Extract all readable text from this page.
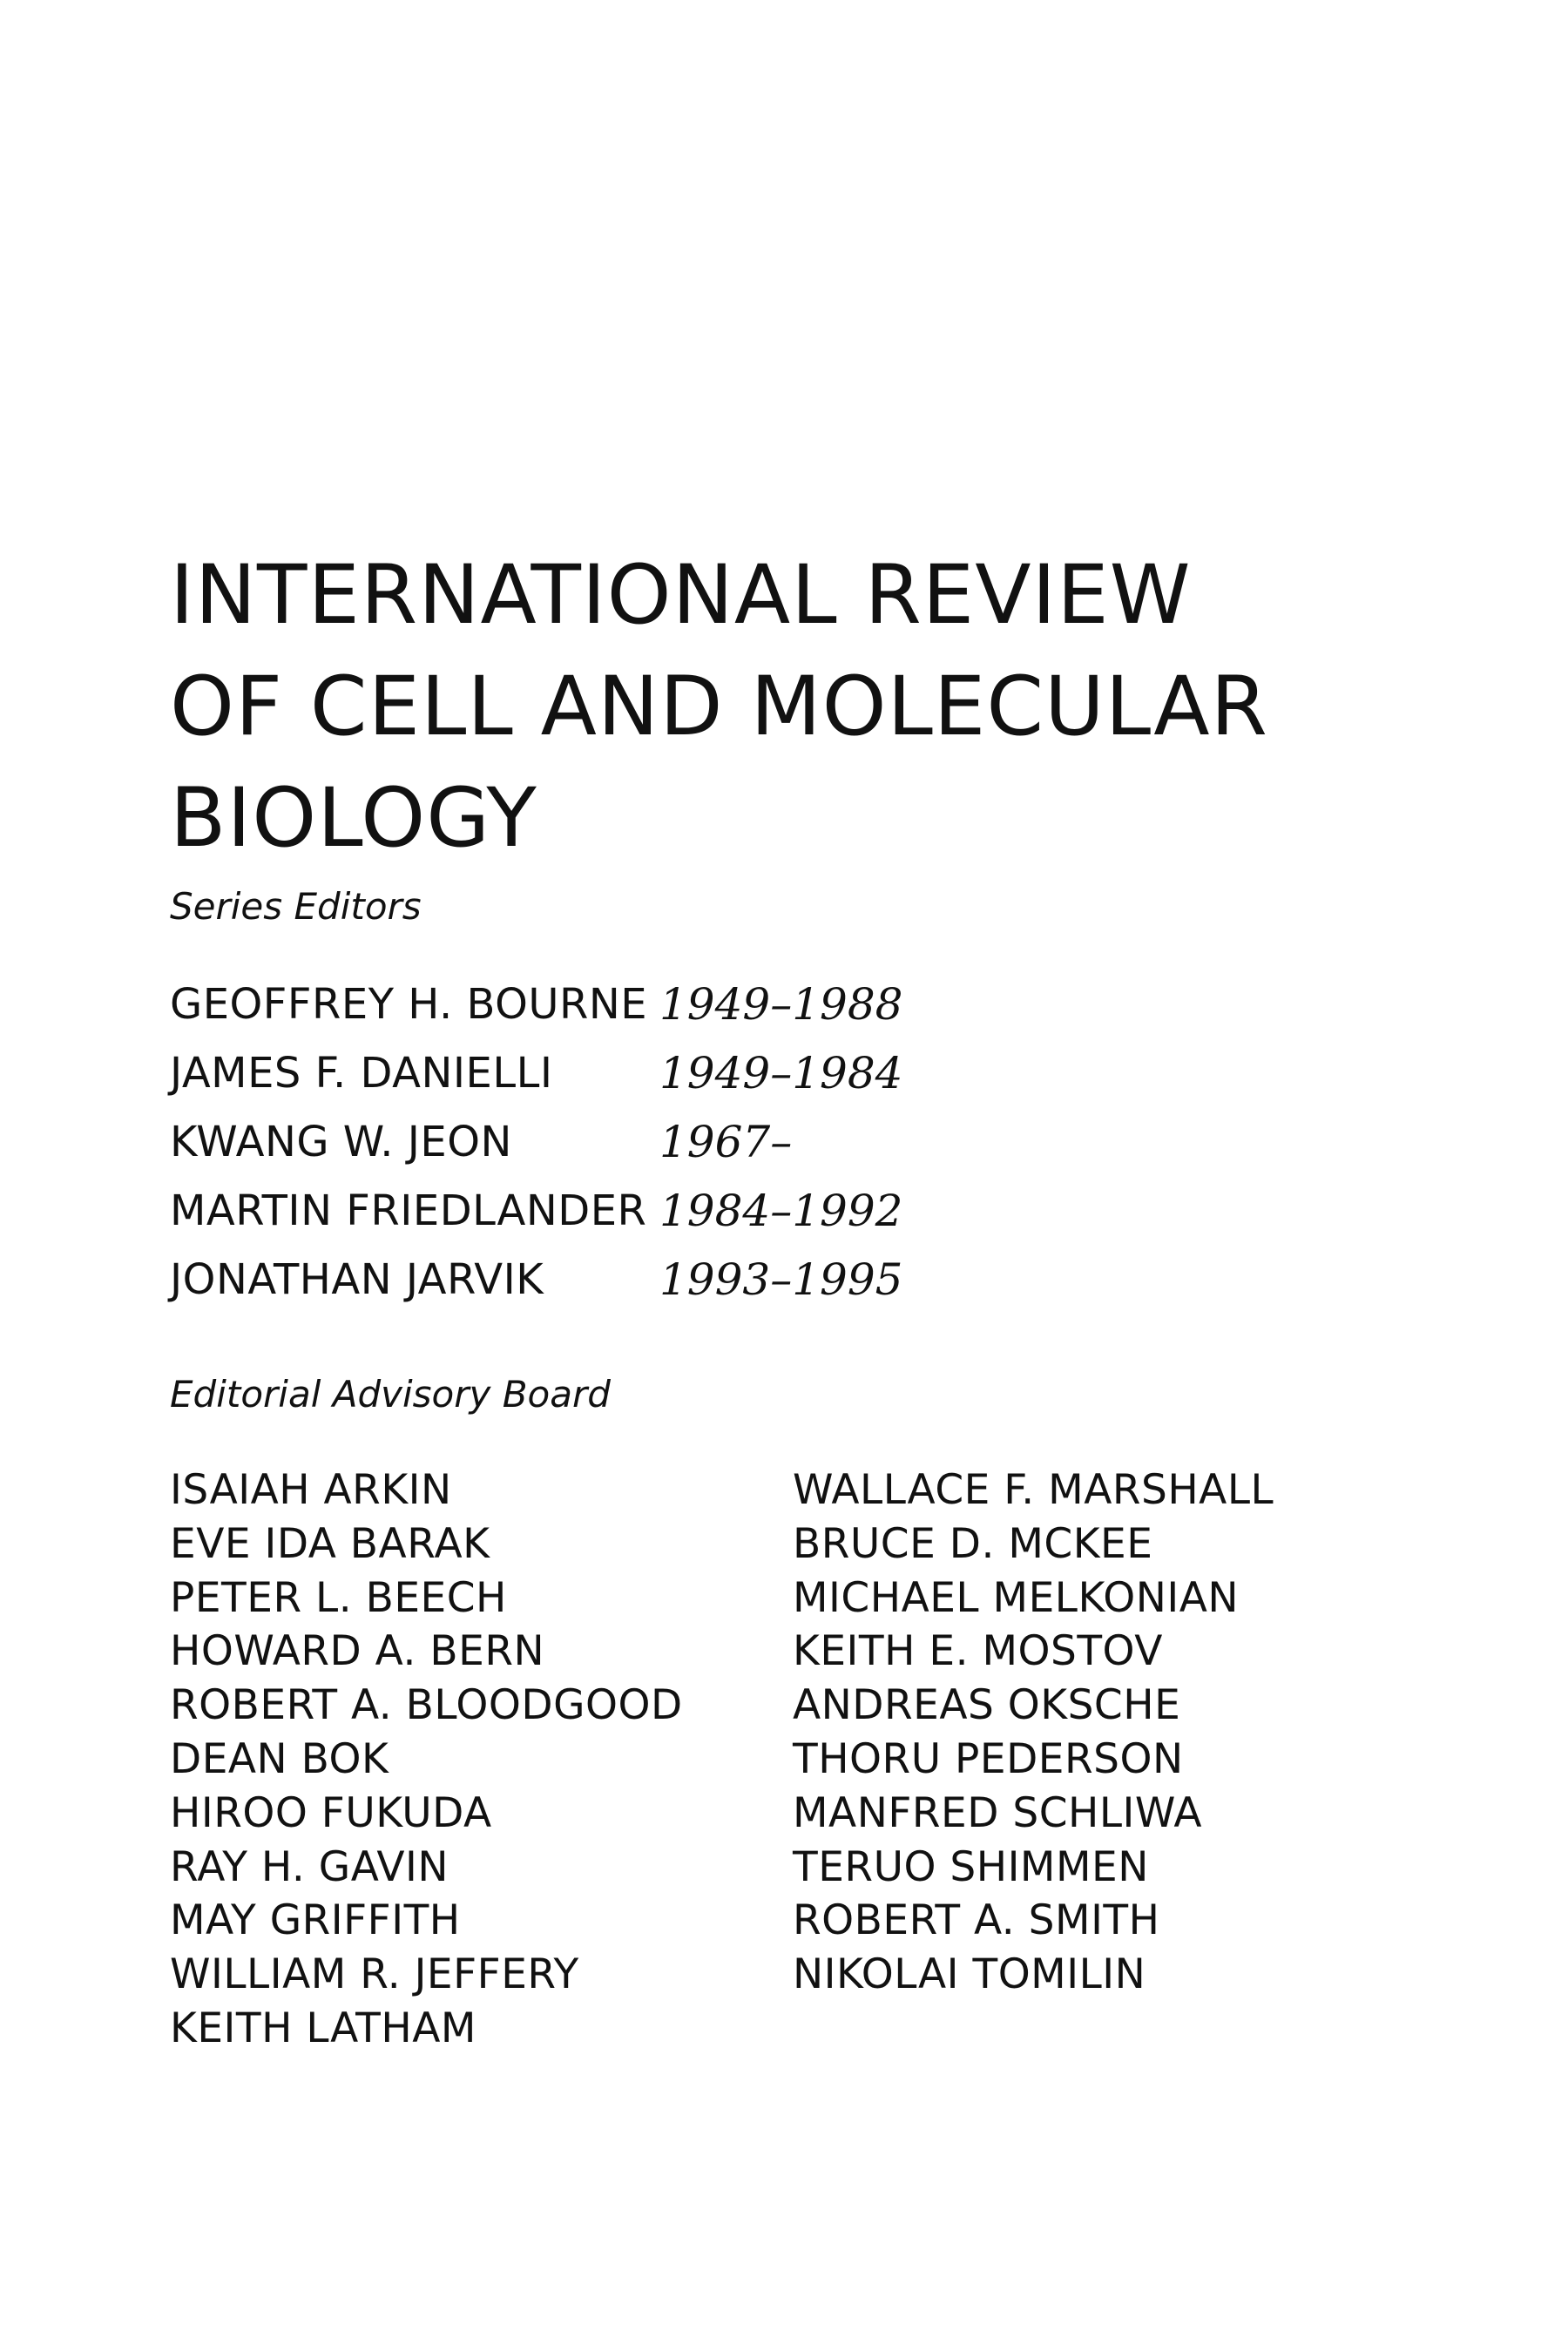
INTERNATIONAL REVIEW
OF CELL AND MOLECULAR
BIOLOGY
Series Editors
GEOFFREY H. BOURNE 1949–1988
JAMES F. DANIELLI	1949–1984
KWANG W. JEON	1967–
MARTIN FRIEDLANDER 1984–1992
JONATHAN JARVIK	1993–1995
Editorial Advisory Board
ISAIAH ARKIN
EVE IDA BARAK
PETER L. BEECH
HOWARD A. BERN
ROBERT A. BLOODGOOD
DEAN BOK
HIROO FUKUDA
RAY H. GAVIN
MAY GRIFFITH
WILLIAM R. JEFFERY
KEITH LATHAM
WALLACE F. MARSHALL
BRUCE D. MCKEE
MICHAEL MELKONIAN
KEITH E. MOSTOV
ANDREAS OKSCHE
THORU PEDERSON
MANFRED SCHLIWA
TERUO SHIMMEN
ROBERT A. SMITH
NIKOLAI TOMILIN
